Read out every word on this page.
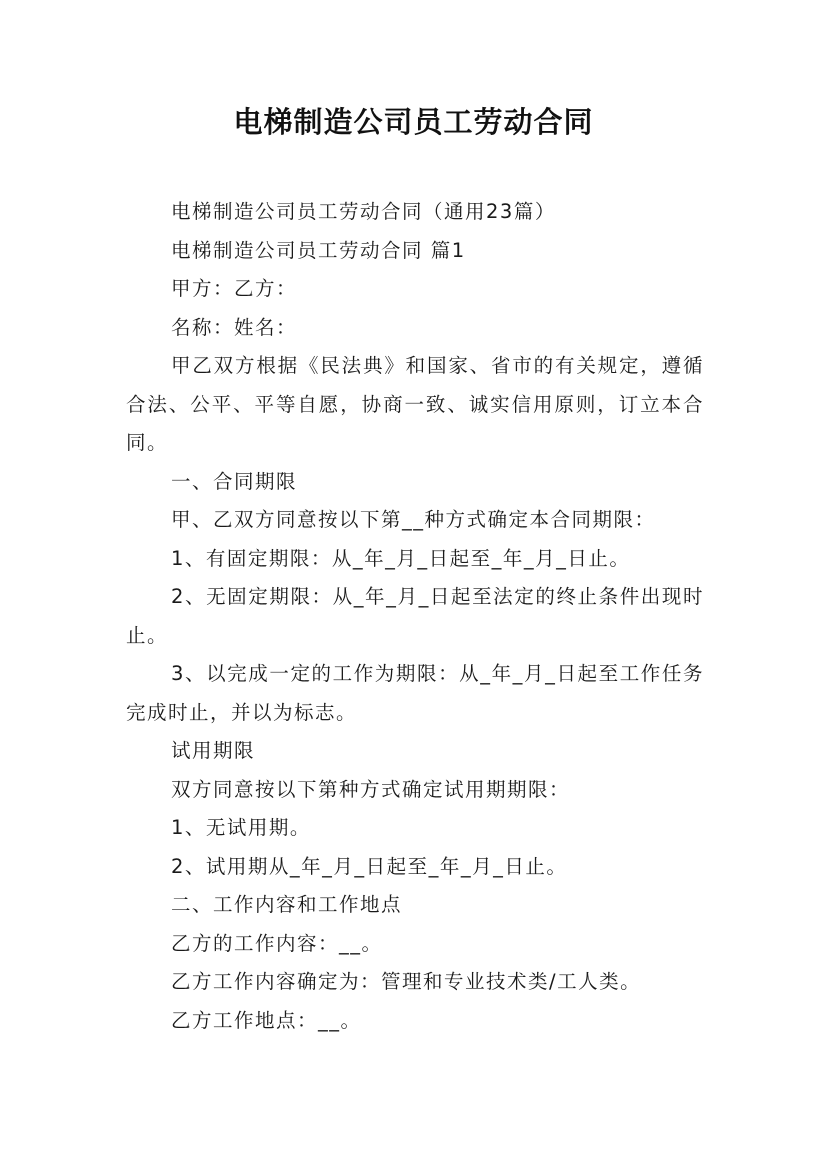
电梯制造公司员工劳动合同

电梯制造公司员工劳动合同（通用23篇）

电梯制造公司员工劳动合同 篇1

甲方：乙方：

名称：姓名：

甲乙双方根据《民法典》和国家、省市的有关规定，遵循合法、公平、平等自愿，协商一致、诚实信用原则，订立本合同。

一、合同期限

甲、乙双方同意按以下第__种方式确定本合同期限：

1、有固定期限：从_年_月_日起至_年_月_日止。

2、无固定期限：从_年_月_日起至法定的终止条件出现时止。

3、以完成一定的工作为期限：从_年_月_日起至工作任务完成时止，并以为标志。

试用期限

双方同意按以下第种方式确定试用期期限：

1、无试用期。

2、试用期从_年_月_日起至_年_月_日止。

二、工作内容和工作地点

乙方的工作内容：__。

乙方工作内容确定为：管理和专业技术类/工人类。

乙方工作地点：__。
